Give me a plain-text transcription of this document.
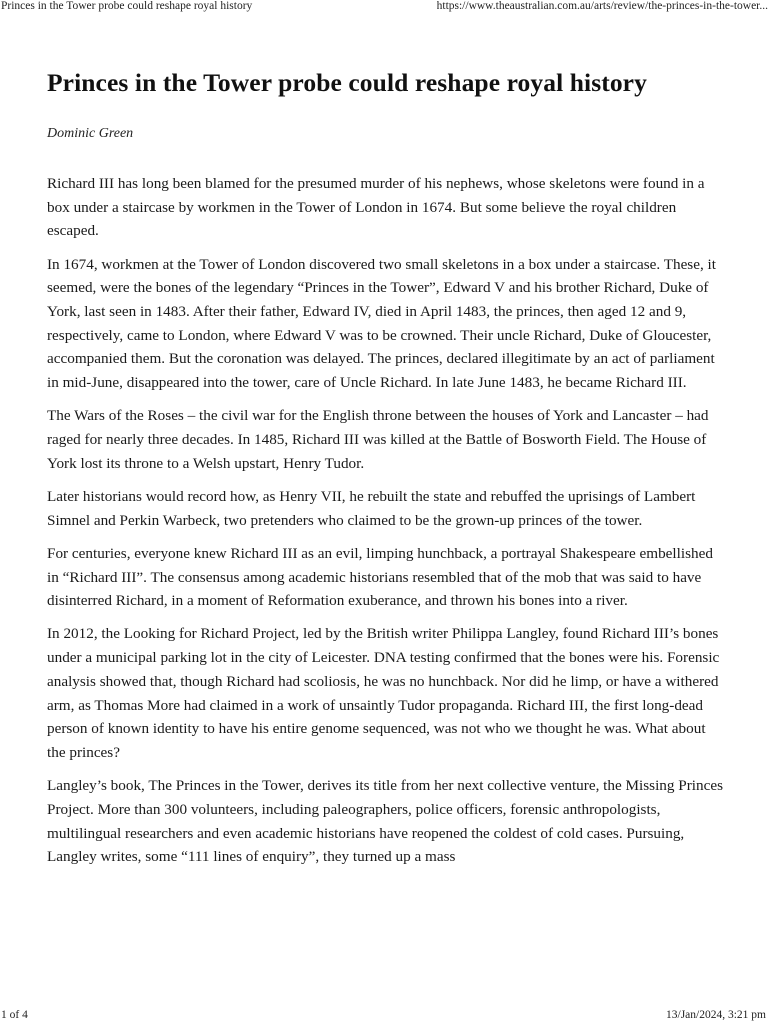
Princes in the Tower probe could reshape royal history	https://www.theaustralian.com.au/arts/review/the-princes-in-the-tower...
Princes in the Tower probe could reshape royal history
Dominic Green

Richard III has long been blamed for the presumed murder of his nephews, whose skeletons were found in a box under a staircase by workmen in the Tower of London in 1674. But some believe the royal children escaped.

In 1674, workmen at the Tower of London discovered two small skeletons in a box under a staircase. These, it seemed, were the bones of the legendary “Princes in the Tower”, Edward V and his brother Richard, Duke of York, last seen in 1483. After their father, Edward IV, died in April 1483, the princes, then aged 12 and 9, respectively, came to London, where Edward V was to be crowned. Their uncle Richard, Duke of Gloucester, accompanied them. But the coronation was delayed. The princes, declared illegitimate by an act of parliament in mid-June, disappeared into the tower, care of Uncle Richard. In late June 1483, he became Richard III.

The Wars of the Roses – the civil war for the English throne between the houses of York and Lancaster – had raged for nearly three decades. In 1485, Richard III was killed at the Battle of Bosworth Field. The House of York lost its throne to a Welsh upstart, Henry Tudor.

Later historians would record how, as Henry VII, he rebuilt the state and rebuffed the uprisings of Lambert Simnel and Perkin Warbeck, two pretenders who claimed to be the grown-up princes of the tower.

For centuries, everyone knew Richard III as an evil, limping hunchback, a portrayal Shakespeare embellished in “Richard III”. The consensus among academic historians resembled that of the mob that was said to have disinterred Richard, in a moment of Reformation exuberance, and thrown his bones into a river.

In 2012, the Looking for Richard Project, led by the British writer Philippa Langley, found Richard III’s bones under a municipal parking lot in the city of Leicester. DNA testing confirmed that the bones were his. Forensic analysis showed that, though Richard had scoliosis, he was no hunchback. Nor did he limp, or have a withered arm, as Thomas More had claimed in a work of unsaintly Tudor propaganda. Richard III, the first long-dead person of known identity to have his entire genome sequenced, was not who we thought he was. What about the princes?

Langley’s book, The Princes in the Tower, derives its title from her next collective venture, the Missing Princes Project. More than 300 volunteers, including paleographers, police officers, forensic anthropologists, multilingual researchers and even academic historians have reopened the coldest of cold cases. Pursuing, Langley writes, some “111 lines of enquiry”, they turned up a mass

1 of 4	13/Jan/2024, 3:21 pm
